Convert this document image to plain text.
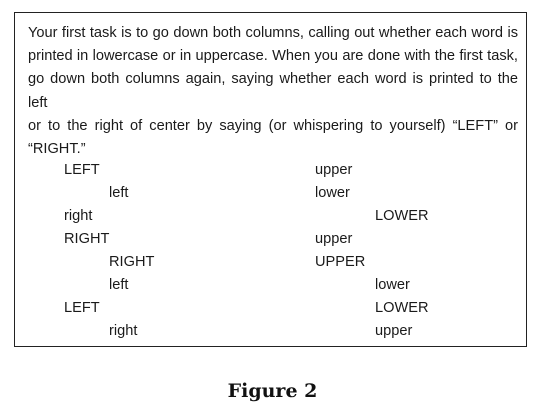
Your first task is to go down both columns, calling out whether each word is
printed in lowercase or in uppercase. When you are done with the first task,
go down both columns again, saying whether each word is printed to the left
or to the right of center by saying (or whispering to yourself) “LEFT” or
“RIGHT.”

LEFT
left
right
RIGHT
RIGHT
left
LEFT
right
upper
lower
LOWER
upper
UPPER
lower
LOWER
upper
Figure 2
